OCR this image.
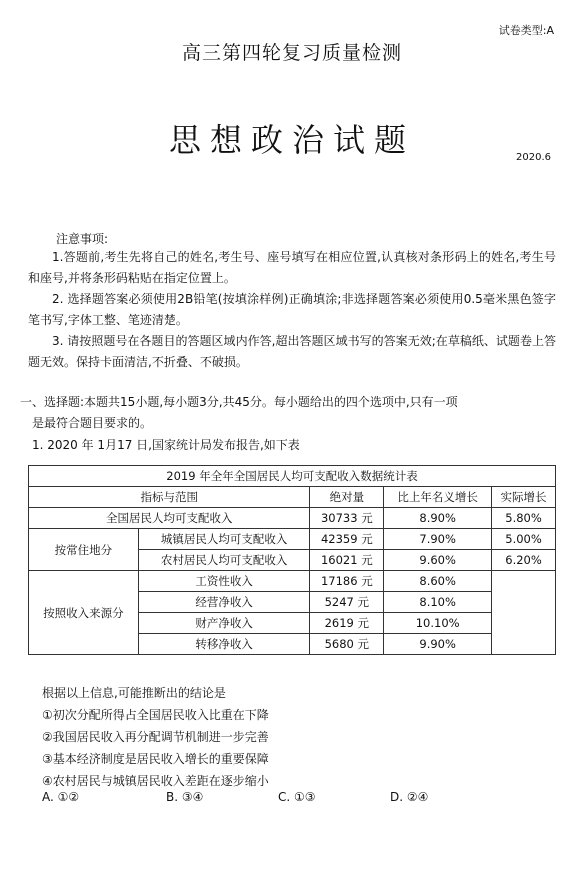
试卷类型:A
高三第四轮复习质量检测
思想政治试题	2020.6
注意事项:

1.答题前,考生先将自己的姓名,考生号、座号填写在相应位置,认真核对条形码上的姓名,考生号和座号,并将条形码粘贴在指定位置上。

2. 选择题答案必须使用2B铅笔(按填涂样例)正确填涂;非选择题答案必须使用0.5毫米黑色签字笔书写,字体工整、笔迹清楚。

3. 请按照题号在各题目的答题区域内作答,超出答题区域书写的答案无效;在草稿纸、试题卷上答题无效。保持卡面清洁,不折叠、不破损。

一、选择题:本题共15小题,每小题3分,共45分。每小题给出的四个选项中,只有一项

是最符合题目要求的。

1. 2020 年 1月17 日,国家统计局发布报告,如下表
2019 年全年全国居民人均可支配收入数据统计表				
指标与范围		绝对量	比上年名义增长	实际增长
全国居民人均可支配收入		30733 元	8.90%	5.80%
按常住地分	城镇居民人均可支配收入	42359 元	7.90%	5.00%
	农村居民人均可支配收入	16021 元	9.60%	6.20%
按照收入来源分	工资性收入	17186 元	8.60%	
	经营净收入	5247 元	8.10%	
	财产净收入	2619 元	10.10%	
	转移净收入	5680 元	9.90%	

根据以上信息,可能推断出的结论是

①初次分配所得占全国居民收入比重在下降

②我国居民收入再分配调节机制进一步完善

③基本经济制度是居民收入增长的重要保障

④农村居民与城镇居民收入差距在逐步缩小

A. ①②	B. ③④	C. ①③	D. ②④
